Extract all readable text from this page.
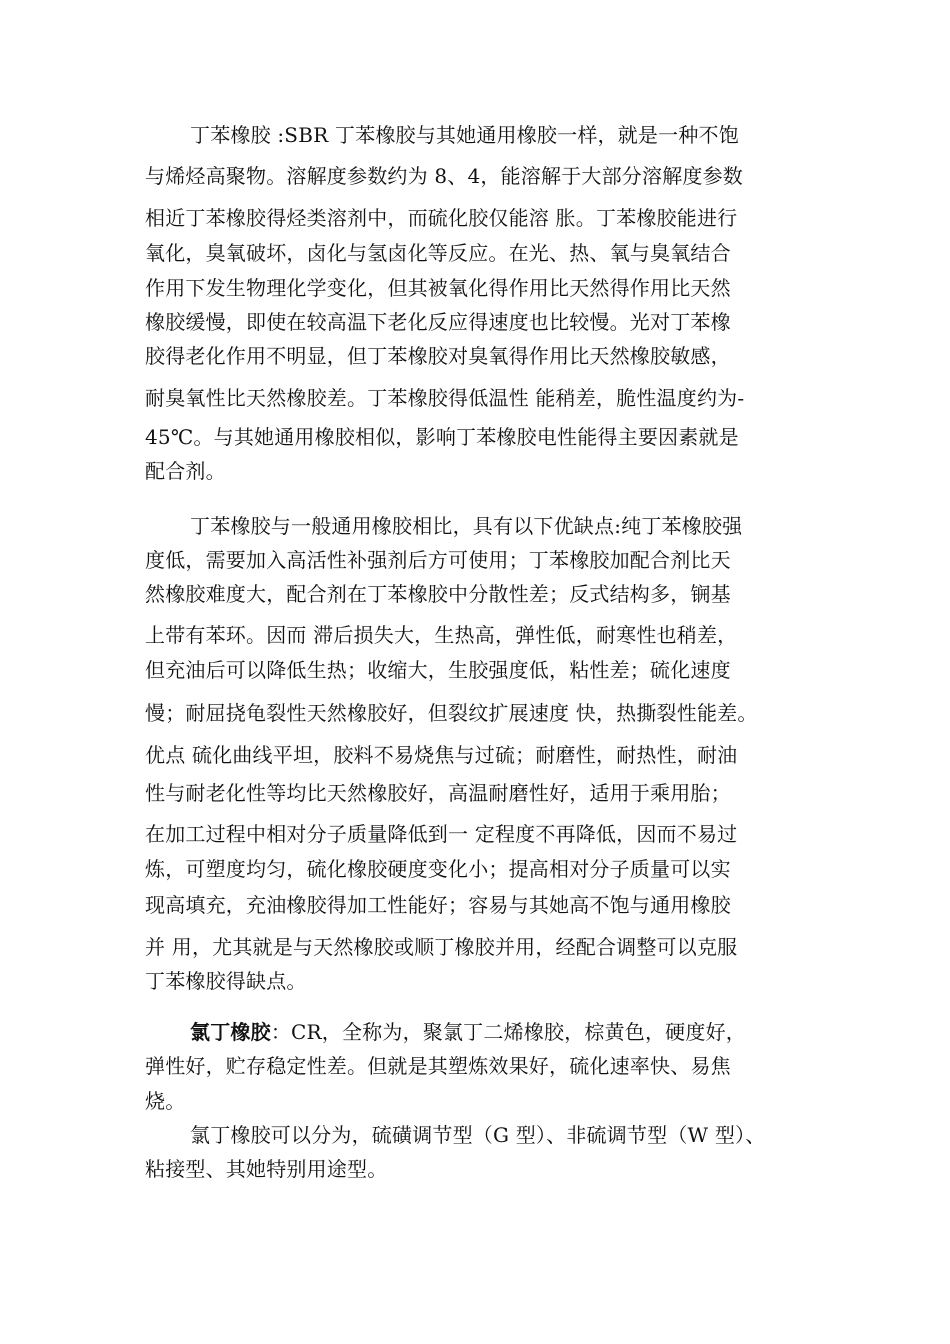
丁苯橡胶 :SBR 丁苯橡胶与其她通用橡胶一样，就是一种不饱
与烯烃高聚物。溶解度参数约为 8、4，能溶解于大部分溶解度参数
相近丁苯橡胶得烃类溶剂中，而硫化胶仅能溶 胀。丁苯橡胶能进行
氧化，臭氧破坏，卤化与氢卤化等反应。在光、热、氧与臭氧结合
作用下发生物理化学变化，但其被氧化得作用比天然得作用比天然
橡胶缓慢，即使在较高温下老化反应得速度也比较慢。光对丁苯橡
胶得老化作用不明显，但丁苯橡胶对臭氧得作用比天然橡胶敏感，
耐臭氧性比天然橡胶差。丁苯橡胶得低温性 能稍差，脆性温度约为-
45℃。与其她通用橡胶相似，影响丁苯橡胶电性能得主要因素就是
配合剂。
丁苯橡胶与一般通用橡胶相比，具有以下优缺点:纯丁苯橡胶强
度低，需要加入高活性补强剂后方可使用；丁苯橡胶加配合剂比天
然橡胶难度大，配合剂在丁苯橡胶中分散性差；反式结构多，锎基
上带有苯环。因而 滞后损失大，生热高，弹性低，耐寒性也稍差，
但充油后可以降低生热；收缩大，生胶强度低，粘性差；硫化速度
慢；耐屈挠龟裂性天然橡胶好，但裂纹扩展速度 快，热撕裂性能差。
优点 硫化曲线平坦，胶料不易烧焦与过硫；耐磨性，耐热性，耐油
性与耐老化性等均比天然橡胶好，高温耐磨性好，适用于乘用胎；
在加工过程中相对分子质量降低到一 定程度不再降低，因而不易过
炼，可塑度均匀，硫化橡胶硬度变化小；提高相对分子质量可以实
现高填充，充油橡胶得加工性能好；容易与其她高不饱与通用橡胶
并 用，尤其就是与天然橡胶或顺丁橡胶并用，经配合调整可以克服
丁苯橡胶得缺点。
氯丁橡胶：CR，全称为，聚氯丁二烯橡胶，棕黄色，硬度好，
弹性好，贮存稳定性差。但就是其塑炼效果好，硫化速率快、易焦
烧。
氯丁橡胶可以分为，硫磺调节型（G 型）、非硫调节型（W 型）、
粘接型、其她特别用途型。
